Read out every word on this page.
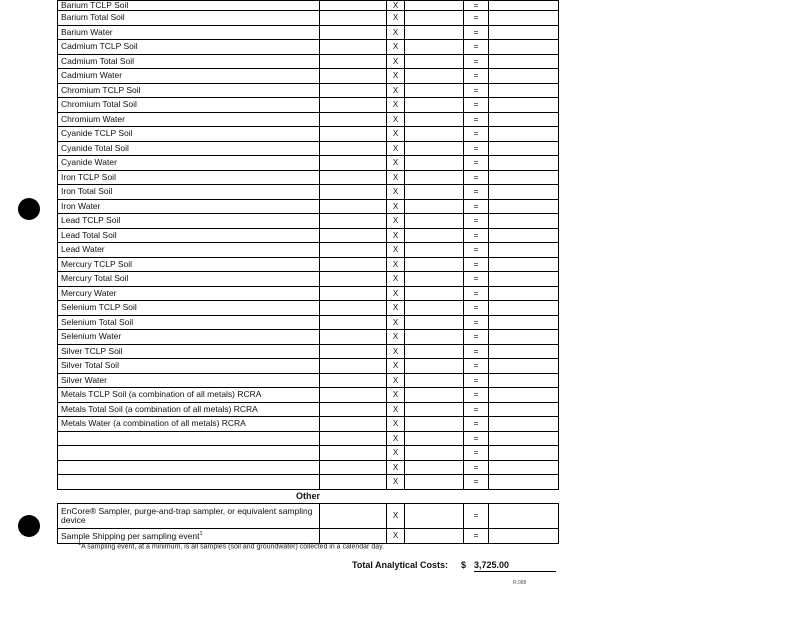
Barium TCLP Soil		X		=	
Barium Total Soil		X		=	
Barium Water		X		=	
Cadmium TCLP Soil		X		=	
Cadmium Total Soil		X		=	
Cadmium Water		X		=	
Chromium TCLP Soil		X		=	
Chromium Total Soil		X		=	
Chromium Water		X		=	
Cyanide TCLP Soil		X		=	
Cyanide Total Soil		X		=	
Cyanide Water		X		=	
Iron TCLP Soil		X		=	
Iron Total Soil		X		=	
Iron Water		X		=	
Lead TCLP Soil		X		=	
Lead Total Soil		X		=	
Lead Water		X		=	
Mercury TCLP Soil		X		=	
Mercury Total Soil		X		=	
Mercury Water		X		=	
Selenium TCLP Soil		X		=	
Selenium Total Soil		X		=	
Selenium Water		X		=	
Silver TCLP Soil		X		=	
Silver Total Soil		X		=	
Silver Water		X		=	
Metals TCLP Soil (a combination of all metals) RCRA		X		=	
Metals Total Soil (a combination of all metals) RCRA		X		=	
Metals Water (a combination of all metals) RCRA		X		=	
		X		=	
		X		=	
		X		=	
		X		=	
Other					
EnCore® Sampler, purge-and-trap sampler, or equivalent sampling device		X		=	
Sample Shipping per sampling event$^1$		X		=	
$^1$A sampling event, at a minimum, is all samples (soil and groundwater) collected in a calendar day.
Total Analytical Costs: $ 3,725.00
R.088
